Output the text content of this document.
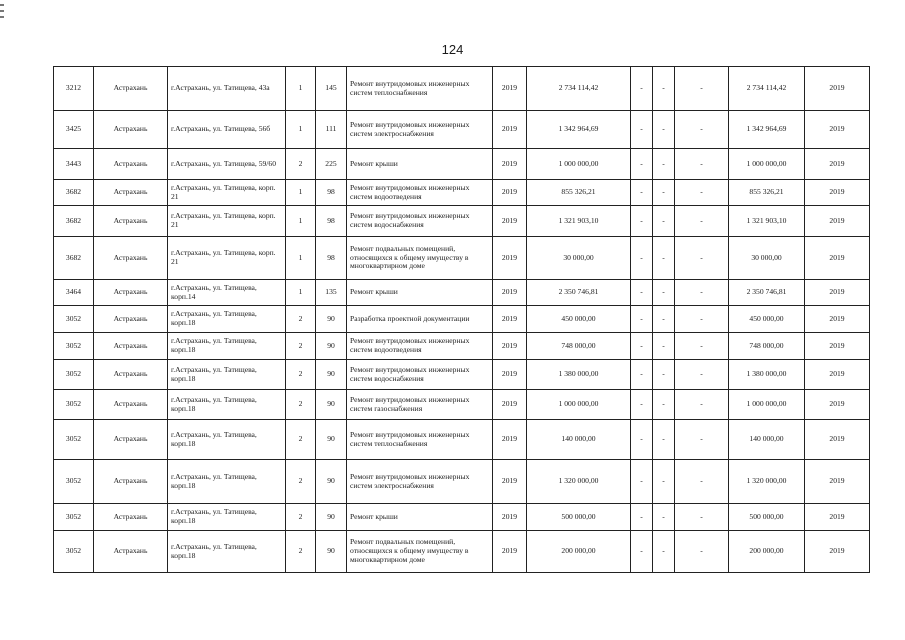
124
3212	Астрахань	г.Астрахань, ул. Татищева, 43а	1	145	Ремонт внутридомовых инженерных систем теплоснабжения	2019	2 734 114,42	-	-	-	2 734 114,42	2019
3425	Астрахань	г.Астрахань, ул. Татищева, 56б	1	111	Ремонт внутридомовых инженерных систем электроснабжения	2019	1 342 964,69	-	-	-	1 342 964,69	2019
3443	Астрахань	г.Астрахань, ул. Татищева, 59/60	2	225	Ремонт крыши	2019	1 000 000,00	-	-	-	1 000 000,00	2019
3682	Астрахань	г.Астрахань, ул. Татищева, корп. 21	1	98	Ремонт внутридомовых инженерных систем водоотведения	2019	855 326,21	-	-	-	855 326,21	2019
3682	Астрахань	г.Астрахань, ул. Татищева, корп. 21	1	98	Ремонт внутридомовых инженерных систем водоснабжения	2019	1 321 903,10	-	-	-	1 321 903,10	2019
3682	Астрахань	г.Астрахань, ул. Татищева, корп. 21	1	98	Ремонт подвальных помещений, относящихся к общему имуществу в многоквартирном доме	2019	30 000,00	-	-	-	30 000,00	2019
3464	Астрахань	г.Астрахань, ул. Татищева, корп.14	1	135	Ремонт крыши	2019	2 350 746,81	-	-	-	2 350 746,81	2019
3052	Астрахань	г.Астрахань, ул. Татищева, корп.18	2	90	Разработка проектной документации	2019	450 000,00	-	-	-	450 000,00	2019
3052	Астрахань	г.Астрахань, ул. Татищева, корп.18	2	90	Ремонт внутридомовых инженерных систем водоотведения	2019	748 000,00	-	-	-	748 000,00	2019
3052	Астрахань	г.Астрахань, ул. Татищева, корп.18	2	90	Ремонт внутридомовых инженерных систем водоснабжения	2019	1 380 000,00	-	-	-	1 380 000,00	2019
3052	Астрахань	г.Астрахань, ул. Татищева, корп.18	2	90	Ремонт внутридомовых инженерных систем газоснабжения	2019	1 000 000,00	-	-	-	1 000 000,00	2019
3052	Астрахань	г.Астрахань, ул. Татищева, корп.18	2	90	Ремонт внутридомовых инженерных систем теплоснабжения	2019	140 000,00	-	-	-	140 000,00	2019
3052	Астрахань	г.Астрахань, ул. Татищева, корп.18	2	90	Ремонт внутридомовых инженерных систем электроснабжения	2019	1 320 000,00	-	-	-	1 320 000,00	2019
3052	Астрахань	г.Астрахань, ул. Татищева, корп.18	2	90	Ремонт крыши	2019	500 000,00	-	-	-	500 000,00	2019
3052	Астрахань	г.Астрахань, ул. Татищева, корп.18	2	90	Ремонт подвальных помещений, относящихся к общему имуществу в многоквартирном доме	2019	200 000,00	-	-	-	200 000,00	2019
